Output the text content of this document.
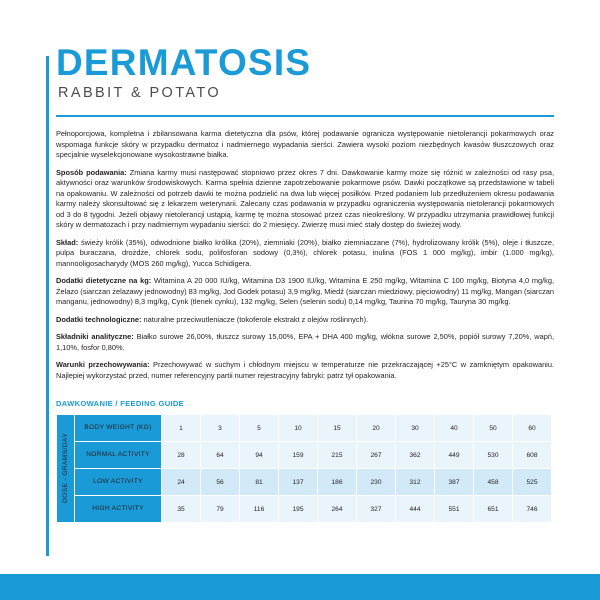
DERMATOSIS
RABBIT & POTATO

Pełnoporcjowa, kompletna i zbilansowana karma dietetyczna dla psów, której podawanie ogranicza występowanie nietolerancji pokarmowych oraz wspomaga funkcje skóry w przypadku dermatoz i nadmiernego wypadania sierści. Zawiera wysoki poziom niezbędnych kwasów tłuszczowych oraz specjalnie wyselekcjonowane wysokostrawne białka.

Sposób podawania: Zmiana karmy musi następować stopniowo przez okres 7 dni. Dawkowanie karmy może się różnić w zależności od rasy psa, aktywności oraz warunków środowiskowych. Karma spełnia dzienne zapotrzebowanie pokarmowe psów. Dawki początkowe są przedstawione w tabeli na opakowaniu. W zależności od potrzeb dawki te można podzielić na dwa lub więcej posiłków. Przed podaniem lub przedłużeniem okresu podawania karmy należy skonsultować się z lekarzem weterynarii. Zalecany czas podawania w przypadku ograniczenia występowania nietolerancji pokarmowych od 3 do 8 tygodni. Jeżeli objawy nietolerancji ustąpią, karmę tę można stosować przez czas nieokreślony. W przypadku utrzymania prawidłowej funkcji skóry w dermatozach i przy nadmiernym wypadaniu sierści: do 2 miesięcy. Zwierzę musi mieć stały dostęp do świeżej wody.

Skład: świeży królik (35%), odwodnione białko królika (20%), ziemniaki (20%), białko ziemniaczane (7%), hydrolizowany królik (5%), oleje i tłuszcze, pulpa buraczana, drożdże, chlorek sodu, polifosforan sodowy (0,3%), chlorek potasu, inulina (FOS 1 000 mg/kg), imbir (1.000 mg/kg), mannooligosacharydy (MOS 260 mg/kg), Yucca Schidigera.

Dodatki dietetyczne na kg: Witamina A 20 000 IU/kg, Witamina D3 1900 IU/kg, Witamina E 250 mg/kg, Witamina C 100 mg/kg, Biotyna 4,0 mg/kg, Żelazo (siarczan żelazawy jednowodny) 83 mg/kg, Jod Godek potasu) 3,9 mg/kg, Miedź (siarczan miedziowy, pięciowodny) 11 mg/kg, Mangan (siarczan manganu, jednowodny) 8,3 mg/kg, Cynk (tlenek cynku), 132 mg/kg, Selen (selenin sodu) 0,14 mg/kg, Taurina 70 mg/kg, Tauryna 30 mg/kg.

Dodatki technologiczne: naturalne przeciwutleniacze (tokoferole ekstrakt z olejów roślinnych).

Składniki analityczne: Białko surowe 26,00%, tłuszcz surowy 15,00%, EPA + DHA 400 mg/kg, włókna surowe 2,50%, popiół surowy 7,20%, wapń, 1,10%, fosfor 0,80%.

Warunki przechowywania: Przechowywać w suchym i chłodnym miejscu w temperaturze nie przekraczającej +25°C w zamkniętym opakowaniu. Najlepiej wykorzystać przed, numer referencyjny partii numer rejestracyjny fabryki: patrz tył opakowania.

DAWKOWANIE / FEEDING GUIDE
DOSE - GRAMS/DAY	BODY WEIGHT (KG)	1	3	5	10	15	20	30	40	50	60
	NORMAL ACTIVITY	28	64	94	159	215	267	362	449	530	608
	LOW ACTIVITY	24	56	81	137	186	230	312	387	458	525
	HIGH ACTIVITY	35	79	116	195	264	327	444	551	651	746
